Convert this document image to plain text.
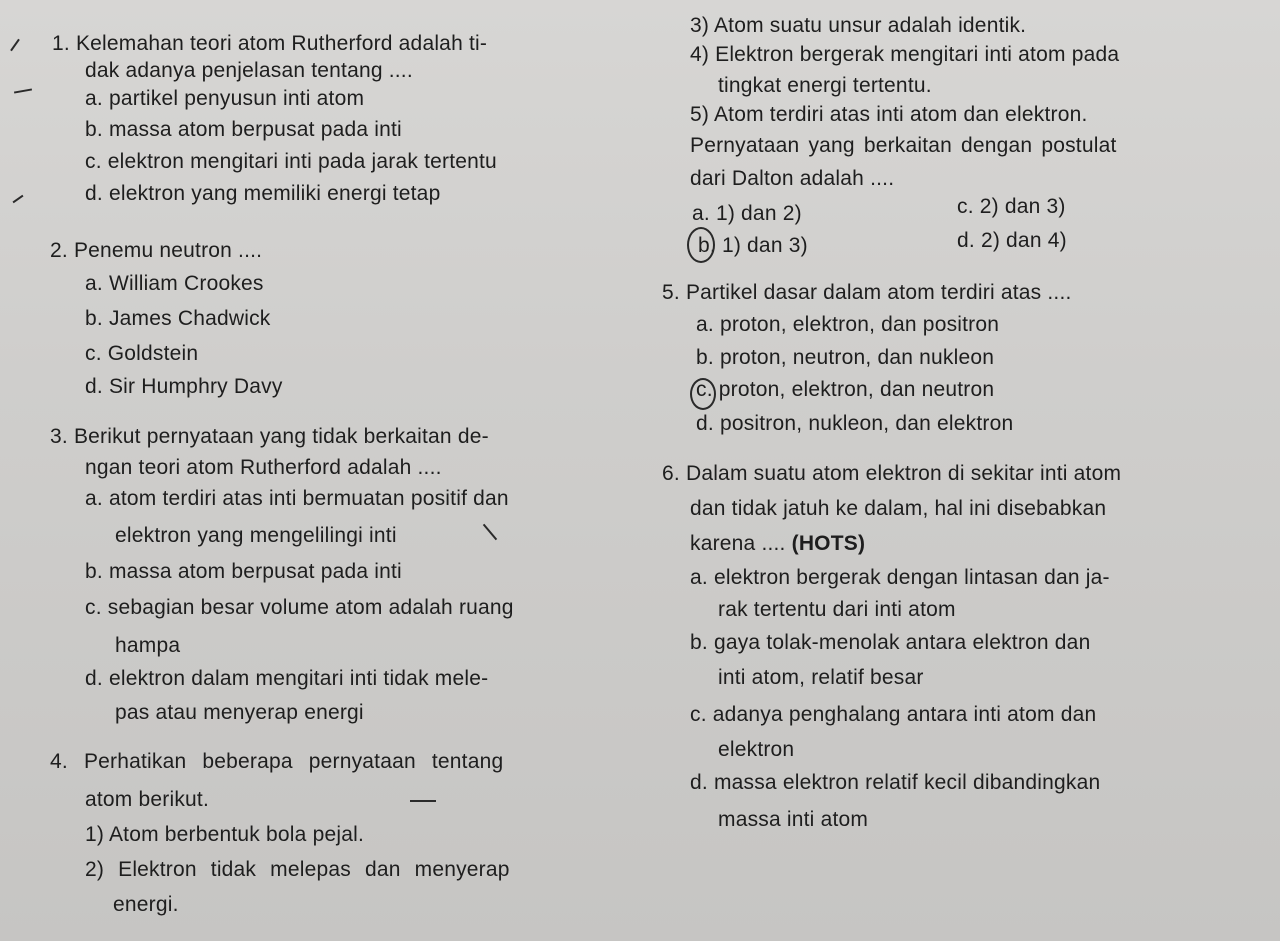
1. Kelemahan teori atom Rutherford adalah ti-
dak adanya penjelasan tentang ....
a. partikel penyusun inti atom
b. massa atom berpusat pada inti
c. elektron mengitari inti pada jarak tertentu
d. elektron yang memiliki energi tetap
2. Penemu neutron ....
a. William Crookes
b. James Chadwick
c. Goldstein
d. Sir Humphry Davy
3. Berikut pernyataan yang tidak berkaitan de-
ngan teori atom Rutherford adalah ....
a. atom terdiri atas inti bermuatan positif dan
elektron yang mengelilingi inti
b. massa atom berpusat pada inti
c. sebagian besar volume atom adalah ruang
hampa
d. elektron dalam mengitari inti tidak mele-
pas atau menyerap energi
4. Perhatikan beberapa pernyataan tentang
atom berikut.
1) Atom berbentuk bola pejal.
2) Elektron tidak melepas dan menyerap
energi.
3) Atom suatu unsur adalah identik.
4) Elektron bergerak mengitari inti atom pada
tingkat energi tertentu.
5) Atom terdiri atas inti atom dan elektron.
Pernyataan yang berkaitan dengan postulat
dari Dalton adalah ....
a. 1) dan 2)	c. 2) dan 3)
b. 1) dan 3)	d. 2) dan 4)
5. Partikel dasar dalam atom terdiri atas ....
a. proton, elektron, dan positron
b. proton, neutron, dan nukleon
c. proton, elektron, dan neutron
d. positron, nukleon, dan elektron
6. Dalam suatu atom elektron di sekitar inti atom
dan tidak jatuh ke dalam, hal ini disebabkan
karena .... (HOTS)
a. elektron bergerak dengan lintasan dan ja-
rak tertentu dari inti atom
b. gaya tolak-menolak antara elektron dan
inti atom, relatif besar
c. adanya penghalang antara inti atom dan
elektron
d. massa elektron relatif kecil dibandingkan
massa inti atom
